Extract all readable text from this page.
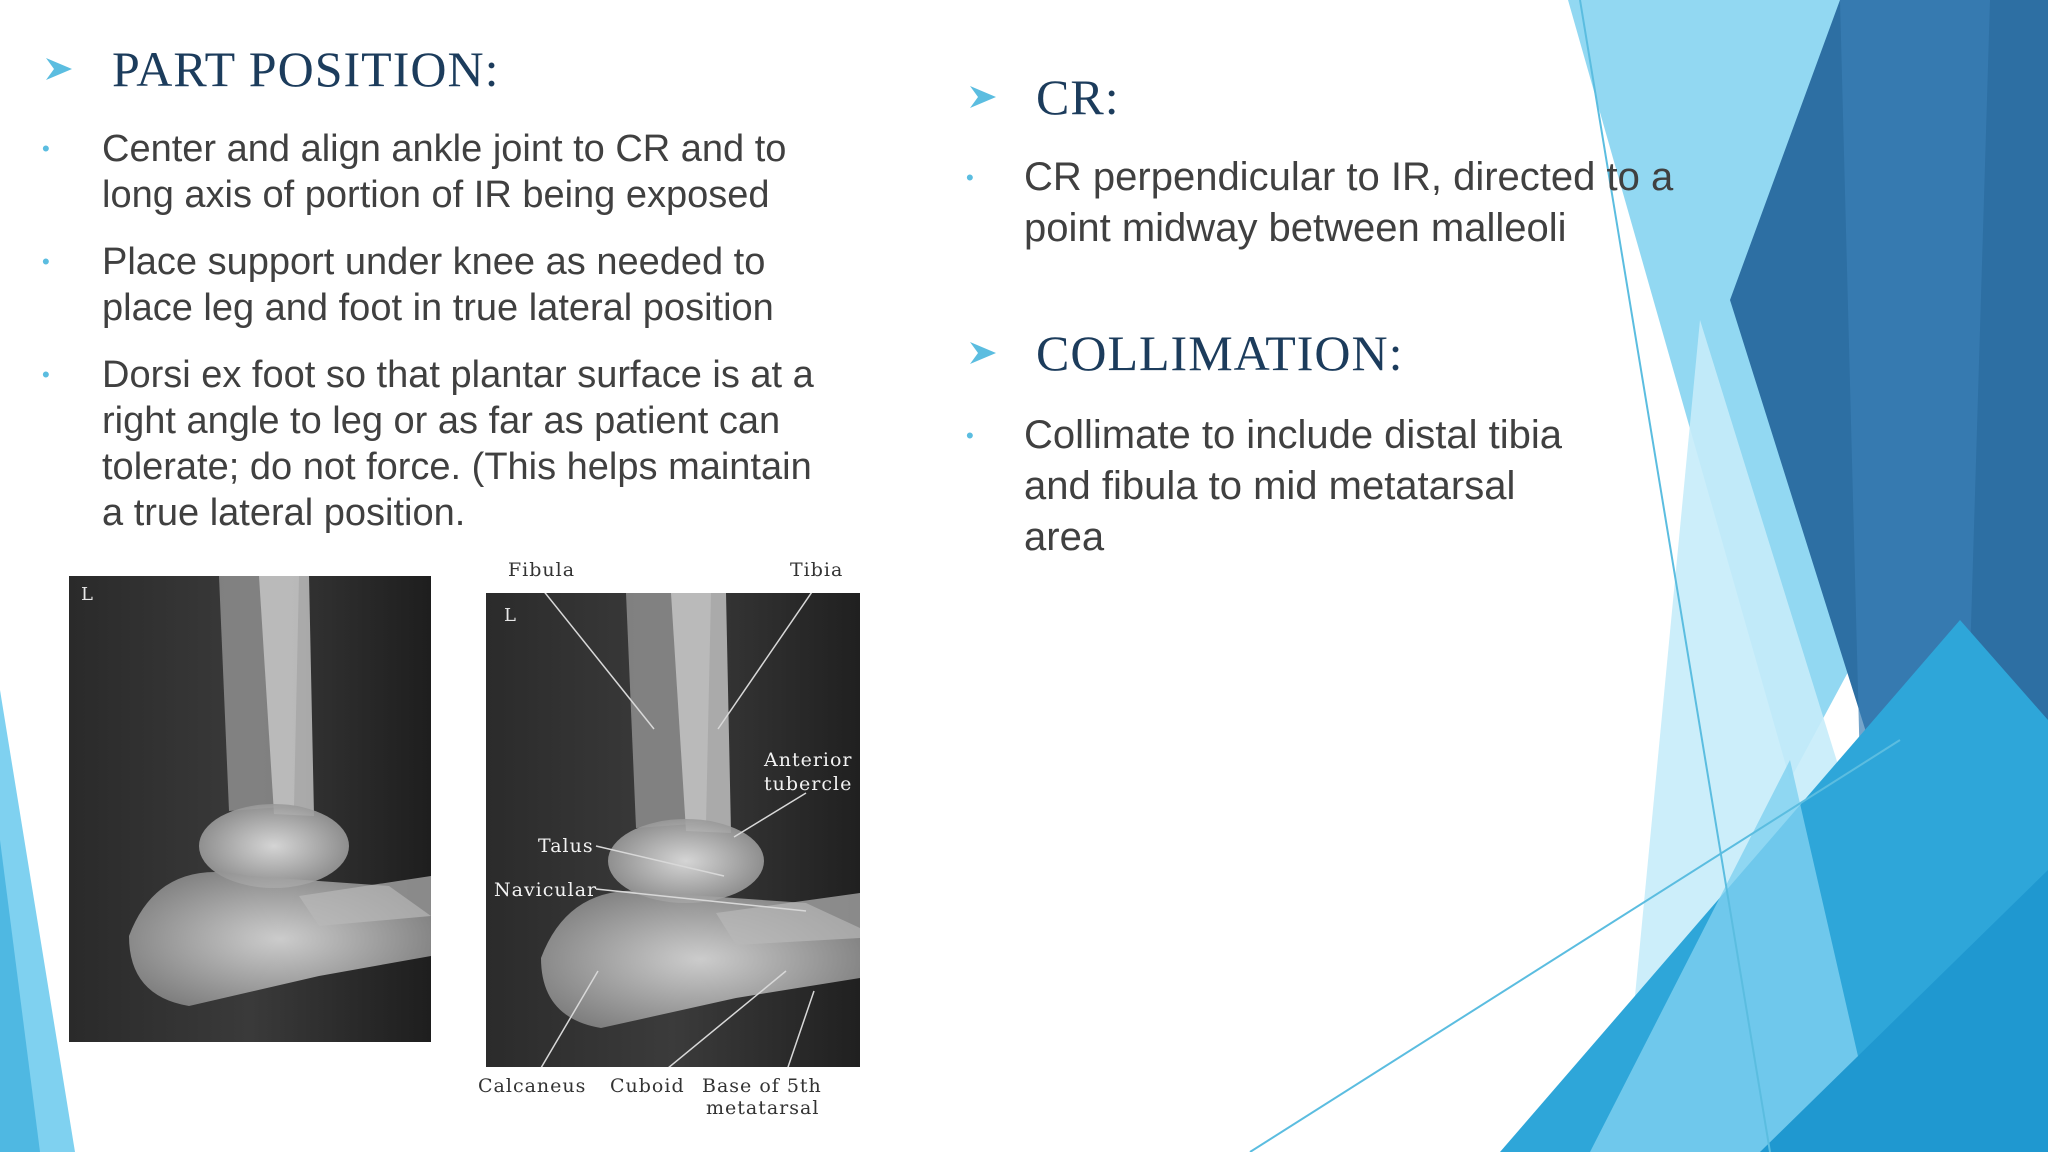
PART POSITION:
•	Center and align ankle joint to CR and to long axis of portion of IR being exposed
•	Place support under knee as needed to place leg and foot in true lateral position
•	Dorsi ex foot so that plantar surface is at a right angle to leg or as far as patient can tolerate; do not force. (This helps maintain a true lateral position.
L
L
Fibula	Tibia
Anterior
tubercle
Talus
Navicular
Calcaneus Cuboid Base of 5th
metatarsal
CR:
•	CR perpendicular to IR, directed to a point midway between malleoli
COLLIMATION:
•	Collimate to include distal tibia and fibula to mid metatarsal area
